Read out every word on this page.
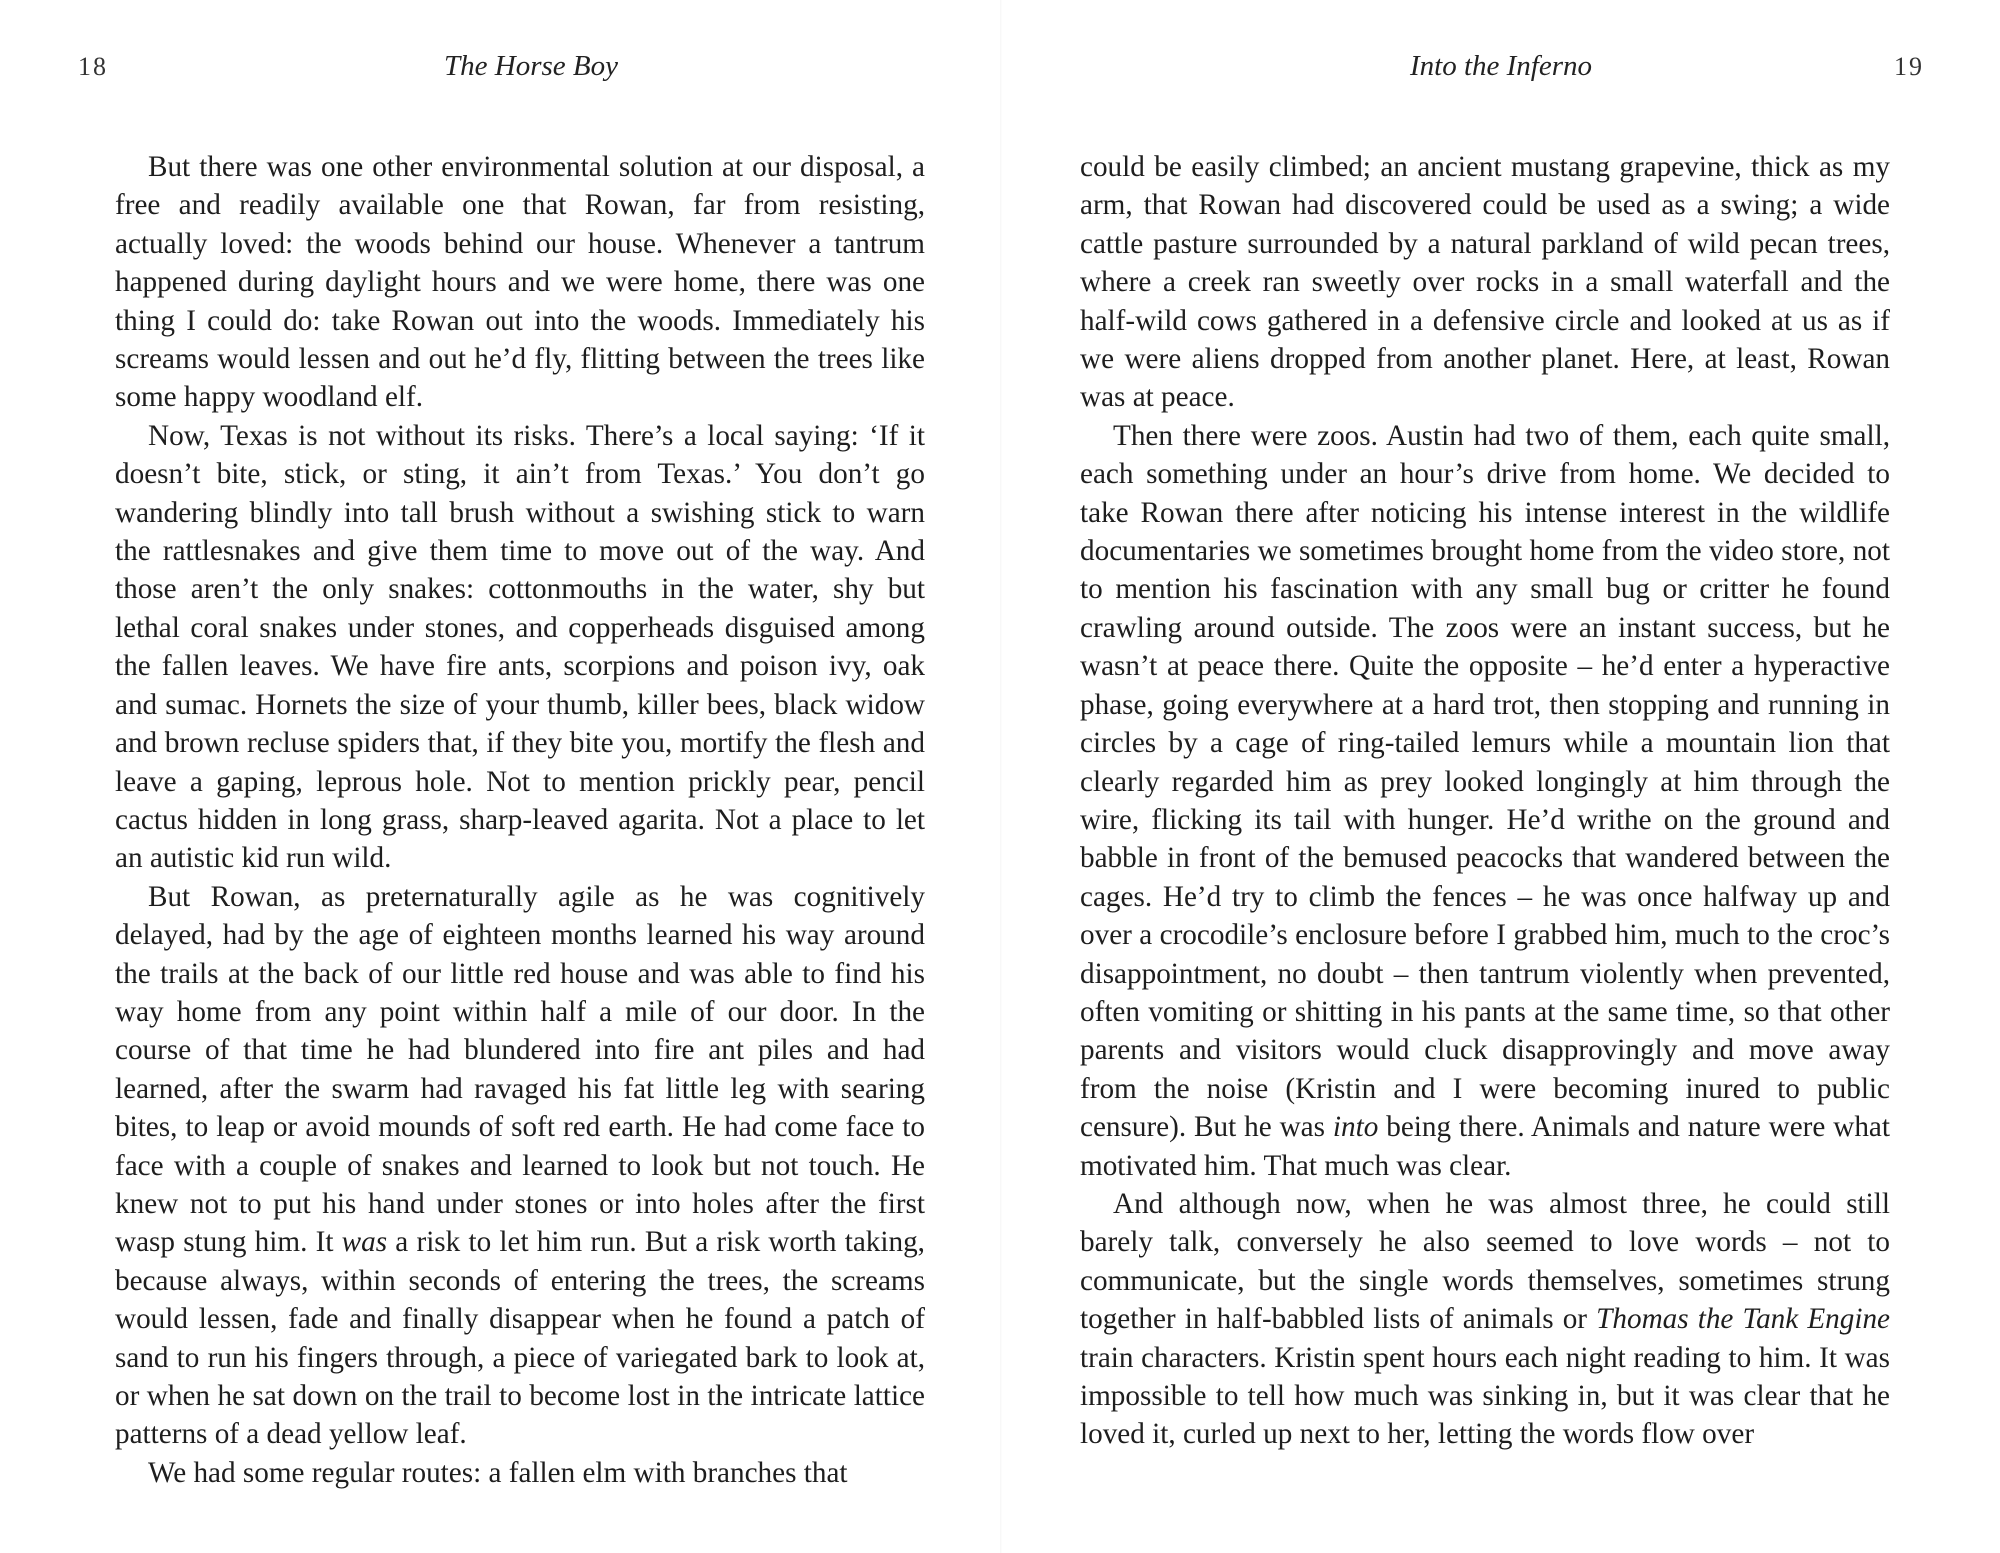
18	The Horse Boy

But there was one other environmental solution at our disposal, a free and readily available one that Rowan, far from resisting, actually loved: the woods behind our house. Whenever a tantrum happened during daylight hours and we were home, there was one thing I could do: take Rowan out into the woods. Immediately his screams would lessen and out he’d fly, flitting between the trees like some happy woodland elf.

Now, Texas is not without its risks. There’s a local saying: ‘If it doesn’t bite, stick, or sting, it ain’t from Texas.’ You don’t go wandering blindly into tall brush without a swishing stick to warn the rattlesnakes and give them time to move out of the way. And those aren’t the only snakes: cottonmouths in the water, shy but lethal coral snakes under stones, and copperheads disguised among the fallen leaves. We have fire ants, scorpions and poison ivy, oak and sumac. Hornets the size of your thumb, killer bees, black widow and brown recluse spiders that, if they bite you, mortify the flesh and leave a gaping, leprous hole. Not to mention prickly pear, pencil cactus hidden in long grass, sharp-leaved agarita. Not a place to let an autistic kid run wild.

But Rowan, as preternaturally agile as he was cognitively delayed, had by the age of eighteen months learned his way around the trails at the back of our little red house and was able to find his way home from any point within half a mile of our door. In the course of that time he had blundered into fire ant piles and had learned, after the swarm had ravaged his fat little leg with searing bites, to leap or avoid mounds of soft red earth. He had come face to face with a couple of snakes and learned to look but not touch. He knew not to put his hand under stones or into holes after the first wasp stung him. It was a risk to let him run. But a risk worth taking, because always, within seconds of entering the trees, the screams would lessen, fade and finally disappear when he found a patch of sand to run his fingers through, a piece of variegated bark to look at, or when he sat down on the trail to become lost in the intricate lattice patterns of a dead yellow leaf.

We had some regular routes: a fallen elm with branches that

Into the Inferno	19

could be easily climbed; an ancient mustang grapevine, thick as my arm, that Rowan had discovered could be used as a swing; a wide cattle pasture surrounded by a natural parkland of wild pecan trees, where a creek ran sweetly over rocks in a small waterfall and the half-wild cows gathered in a defensive circle and looked at us as if we were aliens dropped from another planet. Here, at least, Rowan was at peace.

Then there were zoos. Austin had two of them, each quite small, each something under an hour’s drive from home. We decided to take Rowan there after noticing his intense interest in the wildlife documentaries we sometimes brought home from the video store, not to mention his fascination with any small bug or critter he found crawling around outside. The zoos were an instant success, but he wasn’t at peace there. Quite the opposite – he’d enter a hyperactive phase, going everywhere at a hard trot, then stopping and running in circles by a cage of ring-tailed lemurs while a mountain lion that clearly regarded him as prey looked longingly at him through the wire, flicking its tail with hunger. He’d writhe on the ground and babble in front of the bemused peacocks that wandered between the cages. He’d try to climb the fences – he was once halfway up and over a crocodile’s enclosure before I grabbed him, much to the croc’s disappointment, no doubt – then tantrum violently when prevented, often vomiting or shitting in his pants at the same time, so that other parents and visitors would cluck disapprovingly and move away from the noise (Kristin and I were becoming inured to public censure). But he was into being there. Animals and nature were what motivated him. That much was clear.

And although now, when he was almost three, he could still barely talk, conversely he also seemed to love words – not to communicate, but the single words themselves, sometimes strung together in half-babbled lists of animals or Thomas the Tank Engine train characters. Kristin spent hours each night reading to him. It was impossible to tell how much was sinking in, but it was clear that he loved it, curled up next to her, letting the words flow over
